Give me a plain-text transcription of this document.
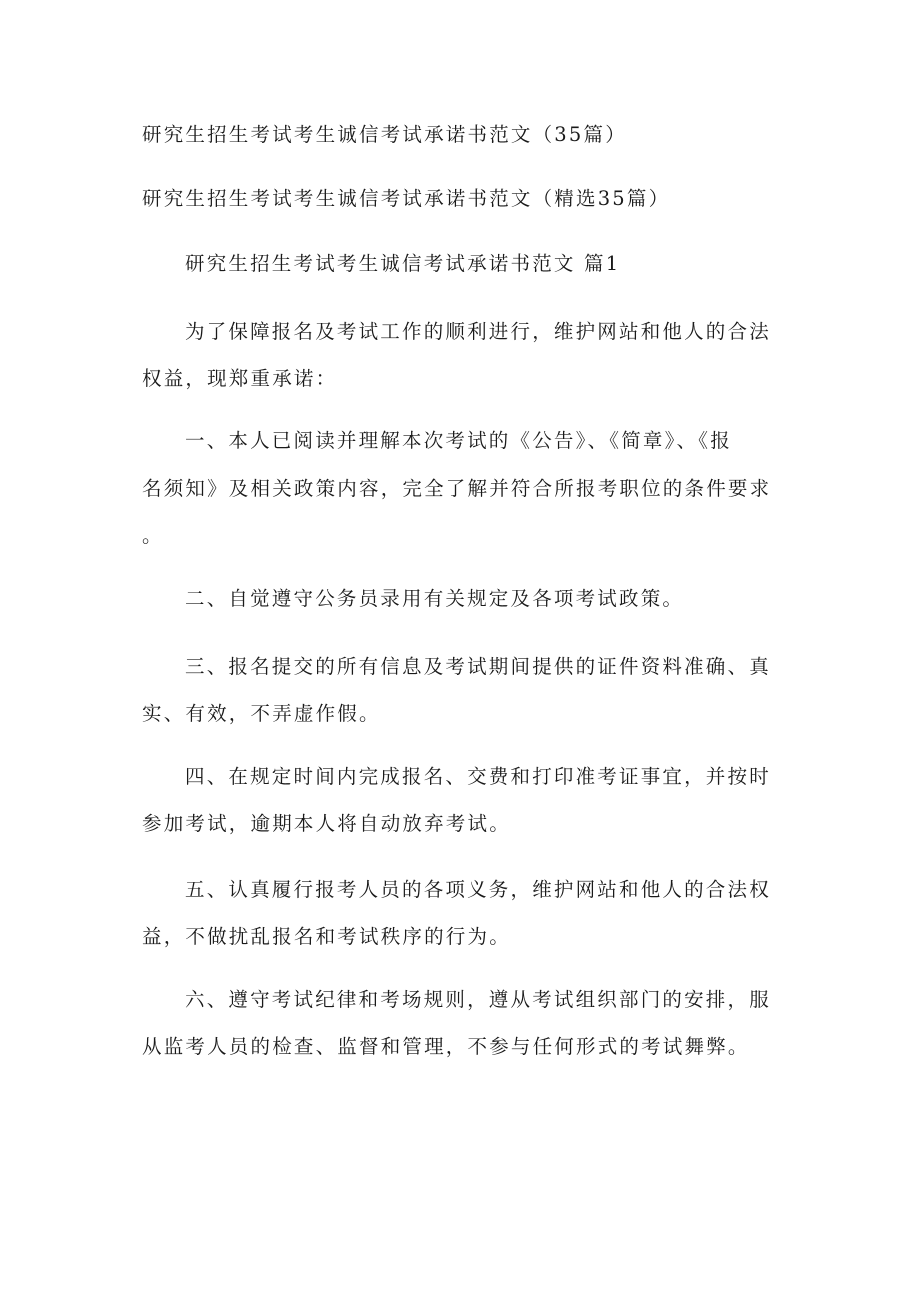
研究生招生考试考生诚信考试承诺书范文（35篇）
研究生招生考试考生诚信考试承诺书范文（精选35篇）
研究生招生考试考生诚信考试承诺书范文 篇1
为了保障报名及考试工作的顺利进行，维护网站和他人的合法
权益，现郑重承诺：
一、本人已阅读并理解本次考试的《公告》、《简章》、《报
名须知》及相关政策内容，完全了解并符合所报考职位的条件要求
。
二、自觉遵守公务员录用有关规定及各项考试政策。
三、报名提交的所有信息及考试期间提供的证件资料准确、真
实、有效，不弄虚作假。
四、在规定时间内完成报名、交费和打印准考证事宜，并按时
参加考试，逾期本人将自动放弃考试。
五、认真履行报考人员的各项义务，维护网站和他人的合法权
益，不做扰乱报名和考试秩序的行为。
六、遵守考试纪律和考场规则，遵从考试组织部门的安排，服
从监考人员的检查、监督和管理，不参与任何形式的考试舞弊。
